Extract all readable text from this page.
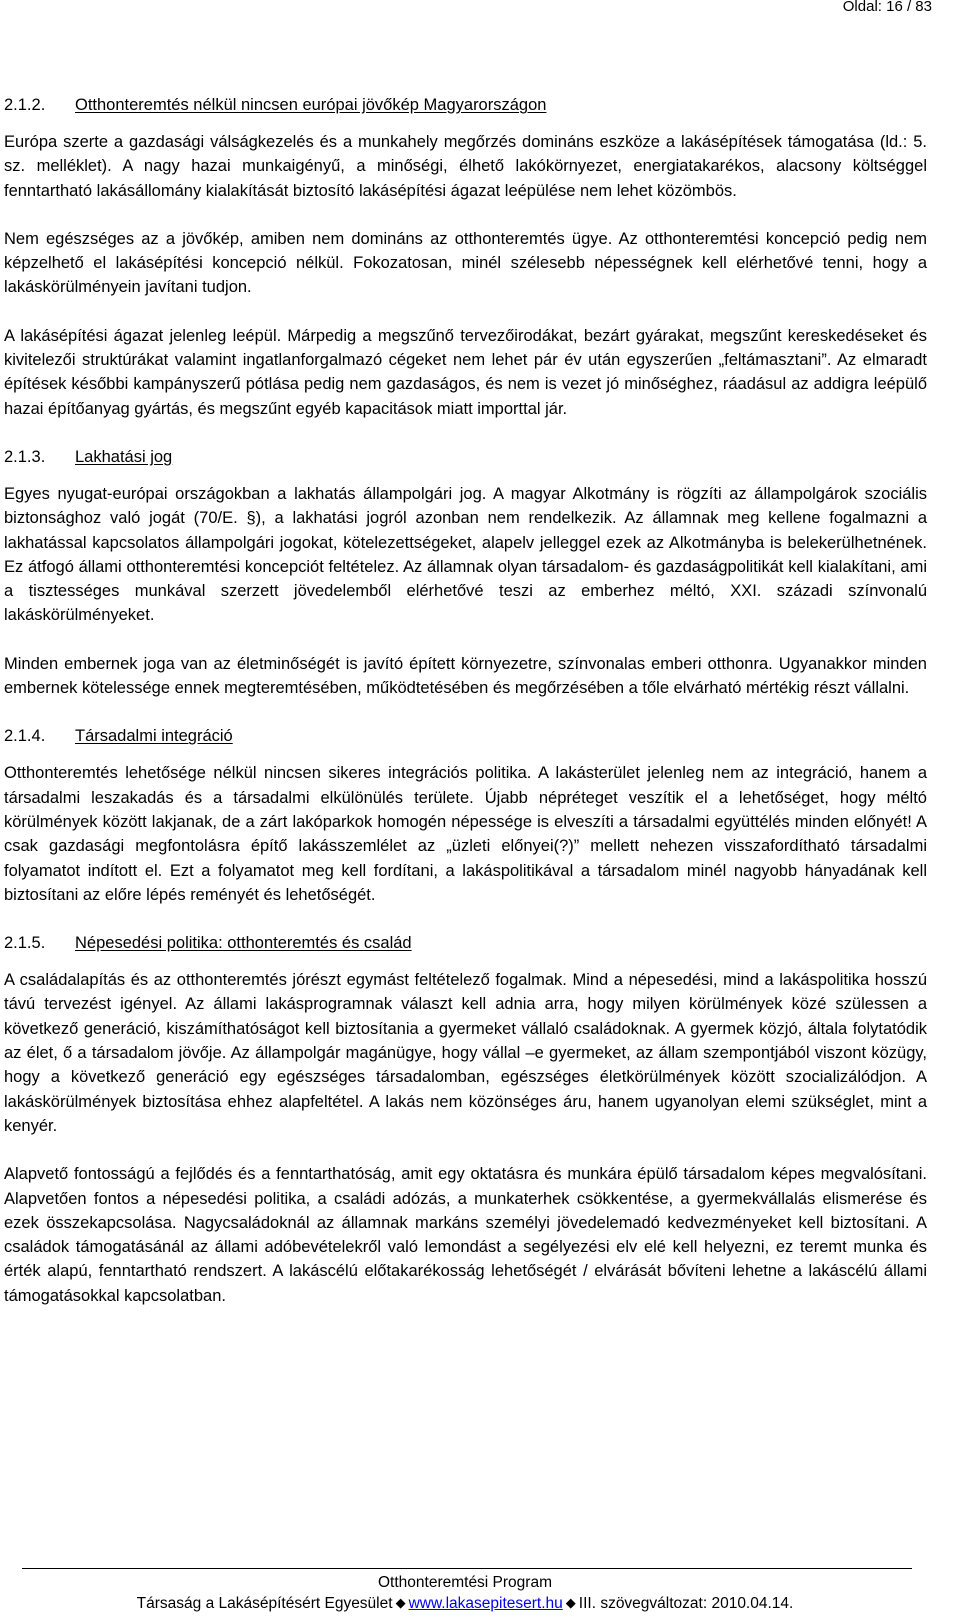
Oldal: 16 / 83
2.1.2. Otthonteremtés nélkül nincsen európai jövőkép Magyarországon

Európa szerte a gazdasági válságkezelés és a munkahely megőrzés domináns eszköze a lakásépítések támogatása (ld.: 5. sz. melléklet). A nagy hazai munkaigényű, a minőségi, élhető lakókörnyezet, energiatakarékos, alacsony költséggel fenntartható lakásállomány kialakítását biztosító lakásépítési ágazat leépülése nem lehet közömbös.

Nem egészséges az a jövőkép, amiben nem domináns az otthonteremtés ügye. Az otthonteremtési koncepció pedig nem képzelhető el lakásépítési koncepció nélkül. Fokozatosan, minél szélesebb népességnek kell elérhetővé tenni, hogy a lakáskörülményein javítani tudjon.

A lakásépítési ágazat jelenleg leépül. Márpedig a megszűnő tervezőirodákat, bezárt gyárakat, megszűnt kereskedéseket és kivitelezői struktúrákat valamint ingatlanforgalmazó cégeket nem lehet pár év után egyszerűen „feltámasztani”. Az elmaradt építések későbbi kampányszerű pótlása pedig nem gazdaságos, és nem is vezet jó minőséghez, ráadásul az addigra leépülő hazai építőanyag gyártás, és megszűnt egyéb kapacitások miatt importtal jár.

2.1.3. Lakhatási jog

Egyes nyugat-európai országokban a lakhatás állampolgári jog. A magyar Alkotmány is rögzíti az állampolgárok szociális biztonsághoz való jogát (70/E. §), a lakhatási jogról azonban nem rendelkezik. Az államnak meg kellene fogalmazni a lakhatással kapcsolatos állampolgári jogokat, kötelezettségeket, alapelv jelleggel ezek az Alkotmányba is belekerülhetnének. Ez átfogó állami otthonteremtési koncepciót feltételez. Az államnak olyan társadalom- és gazdaságpolitikát kell kialakítani, ami a tisztességes munkával szerzett jövedelemből elérhetővé teszi az emberhez méltó, XXI. századi színvonalú lakáskörülményeket.

Minden embernek joga van az életminőségét is javító épített környezetre, színvonalas emberi otthonra. Ugyanakkor minden embernek kötelessége ennek megteremtésében, működtetésében és megőrzésében a tőle elvárható mértékig részt vállalni.

2.1.4. Társadalmi integráció

Otthonteremtés lehetősége nélkül nincsen sikeres integrációs politika. A lakásterület jelenleg nem az integráció, hanem a társadalmi leszakadás és a társadalmi elkülönülés területe. Újabb népréteget veszítik el a lehetőséget, hogy méltó körülmények között lakjanak, de a zárt lakóparkok homogén népessége is elveszíti a társadalmi együttélés minden előnyét! A csak gazdasági megfontolásra építő lakásszemlélet az „üzleti előnyei(?)” mellett nehezen visszafordítható társadalmi folyamatot indított el. Ezt a folyamatot meg kell fordítani, a lakáspolitikával a társadalom minél nagyobb hányadának kell biztosítani az előre lépés reményét és lehetőségét.

2.1.5. Népesedési politika: otthonteremtés és család

A családalapítás és az otthonteremtés jórészt egymást feltételező fogalmak. Mind a népesedési, mind a lakáspolitika hosszú távú tervezést igényel. Az állami lakásprogramnak választ kell adnia arra, hogy milyen körülmények közé szülessen a következő generáció, kiszámíthatóságot kell biztosítania a gyermeket vállaló családoknak. A gyermek közjó, általa folytatódik az élet, ő a társadalom jövője. Az állampolgár magánügye, hogy vállal –e gyermeket, az állam szempontjából viszont közügy, hogy a következő generáció egy egészséges társadalomban, egészséges életkörülmények között szocializálódjon. A lakáskörülmények biztosítása ehhez alapfeltétel. A lakás nem közönséges áru, hanem ugyanolyan elemi szükséglet, mint a kenyér.

Alapvető fontosságú a fejlődés és a fenntarthatóság, amit egy oktatásra és munkára épülő társadalom képes megvalósítani. Alapvetően fontos a népesedési politika, a családi adózás, a munkaterhek csökkentése, a gyermekvállalás elismerése és ezek összekapcsolása. Nagycsaládoknál az államnak markáns személyi jövedelemadó kedvezményeket kell biztosítani. A családok támogatásánál az állami adóbevételekről való lemondást a segélyezési elv elé kell helyezni, ez teremt munka és érték alapú, fenntartható rendszert. A lakáscélú előtakarékosság lehetőségét / elvárását bővíteni lehetne a lakáscélú állami támogatásokkal kapcsolatban.

Otthonteremtési Program
Társaság a Lakásépítésért Egyesület ◆ www.lakasepitesert.hu ◆ III. szövegváltozat: 2010.04.14.
